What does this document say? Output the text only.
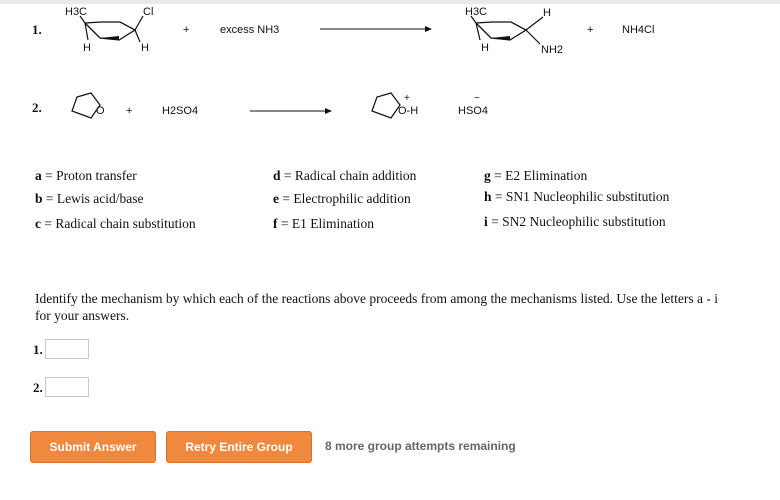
1.
H3C	Cl
H	H
+	excess NH3
H3C	H
H	NH2
+	NH4Cl
2.	O +	H2SO4
+
O-H
−
HSO4
a = Proton transfer
b = Lewis acid/base
c = Radical chain substitution
d = Radical chain addition
e = Electrophilic addition
f = E1 Elimination
g = E2 Elimination
h = SN1 Nucleophilic substitution
i = SN2 Nucleophilic substitution
Identify the mechanism by which each of the reactions above proceeds from among the mechanisms listed. Use the letters a - i for your answers.
1.
2.
Submit Answer	Retry Entire Group	8 more group attempts remaining
